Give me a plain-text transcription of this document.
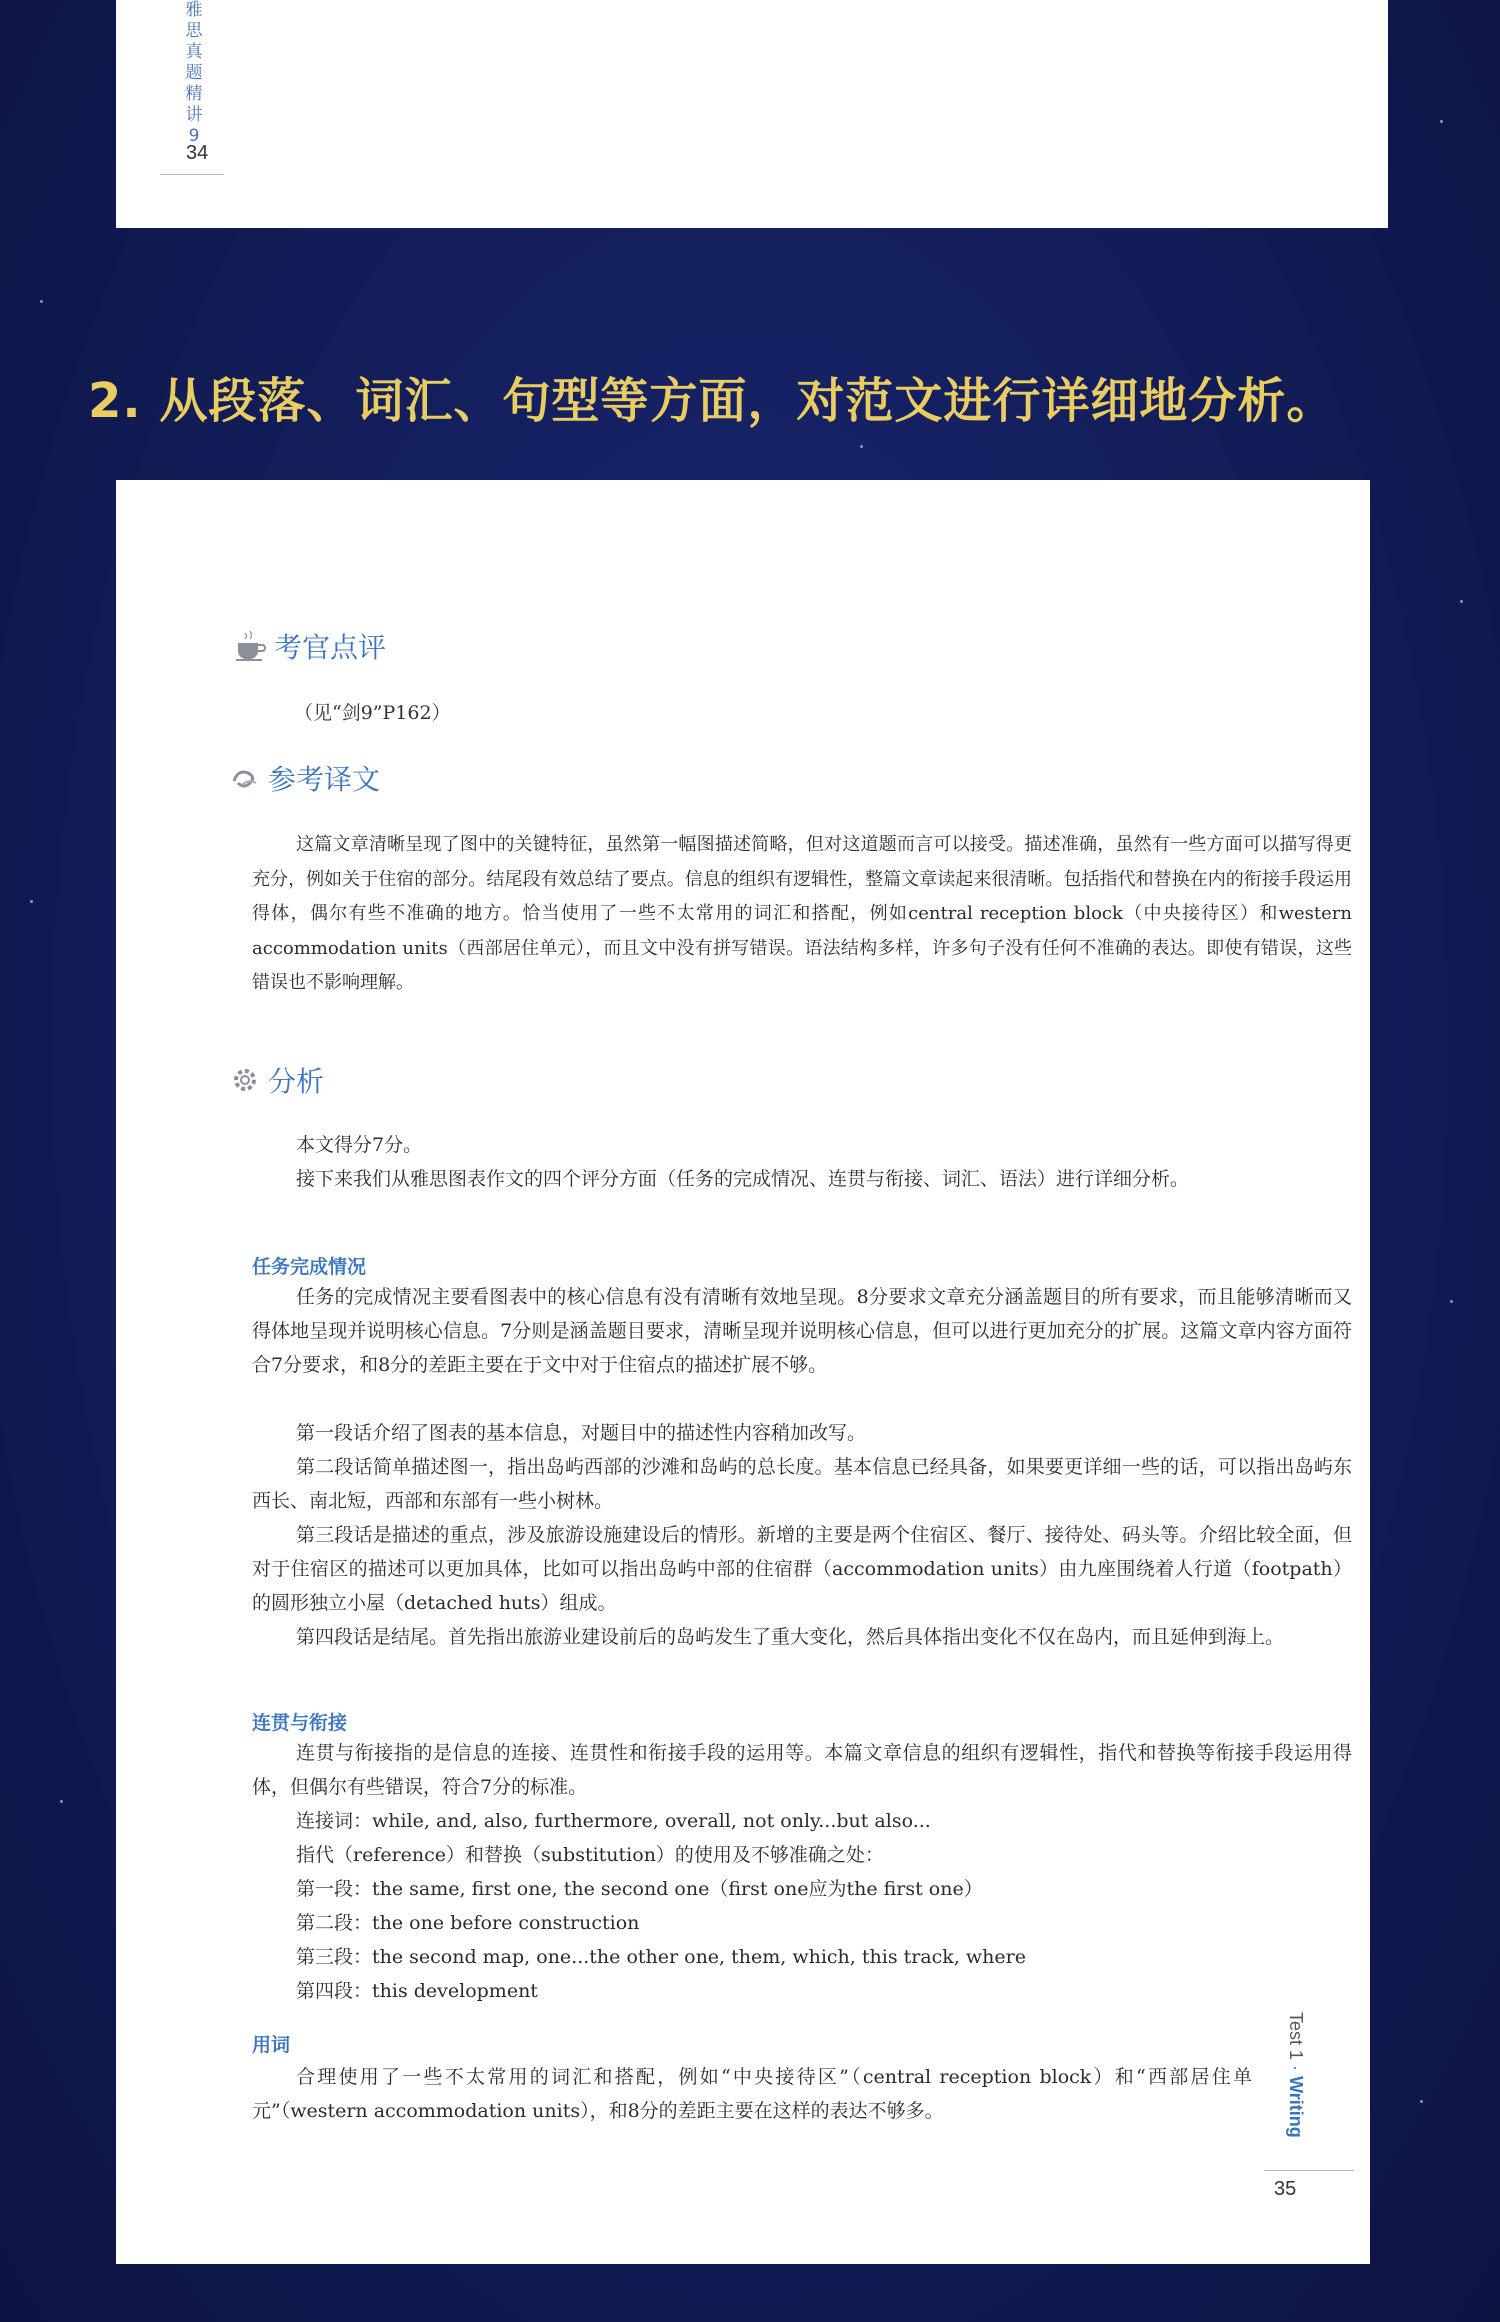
雅思真题精讲9
34
2. 从段落、词汇、句型等方面，对范文进行详细地分析。
考官点评
（见“剑9”P162）
参考译文
这篇文章清晰呈现了图中的关键特征，虽然第一幅图描述简略，但对这道题而言可以接受。描述准确，虽然有一些方面可以描写得更充分，例如关于住宿的部分。结尾段有效总结了要点。信息的组织有逻辑性，整篇文章读起来很清晰。包括指代和替换在内的衔接手段运用得体，偶尔有些不准确的地方。恰当使用了一些不太常用的词汇和搭配，例如central reception block（中央接待区）和western accommodation units（西部居住单元），而且文中没有拼写错误。语法结构多样，许多句子没有任何不准确的表达。即使有错误，这些错误也不影响理解。
分析
本文得分7分。
接下来我们从雅思图表作文的四个评分方面（任务的完成情况、连贯与衔接、词汇、语法）进行详细分析。
任务完成情况
任务的完成情况主要看图表中的核心信息有没有清晰有效地呈现。8分要求文章充分涵盖题目的所有要求，而且能够清晰而又得体地呈现并说明核心信息。7分则是涵盖题目要求，清晰呈现并说明核心信息，但可以进行更加充分的扩展。这篇文章内容方面符合7分要求，和8分的差距主要在于文中对于住宿点的描述扩展不够。
第一段话介绍了图表的基本信息，对题目中的描述性内容稍加改写。
第二段话简单描述图一，指出岛屿西部的沙滩和岛屿的总长度。基本信息已经具备，如果要更详细一些的话，可以指出岛屿东西长、南北短，西部和东部有一些小树林。
第三段话是描述的重点，涉及旅游设施建设后的情形。新增的主要是两个住宿区、餐厅、接待处、码头等。介绍比较全面，但对于住宿区的描述可以更加具体，比如可以指出岛屿中部的住宿群（accommodation units）由九座围绕着人行道（footpath）的圆形独立小屋（detached huts）组成。
第四段话是结尾。首先指出旅游业建设前后的岛屿发生了重大变化，然后具体指出变化不仅在岛内，而且延伸到海上。
连贯与衔接
连贯与衔接指的是信息的连接、连贯性和衔接手段的运用等。本篇文章信息的组织有逻辑性，指代和替换等衔接手段运用得体，但偶尔有些错误，符合7分的标准。
连接词：while, and, also, furthermore, overall, not only...but also...
指代（reference）和替换（substitution）的使用及不够准确之处：
第一段：the same, first one, the second one（first one应为the first one）
第二段：the one before construction
第三段：the second map, one...the other one, them, which, this track, where
第四段：this development
用词
合理使用了一些不太常用的词汇和搭配，例如“中央接待区”（central reception block）和“西部居住单元”（western accommodation units），和8分的差距主要在这样的表达不够多。
Test 1 · Writing
35
